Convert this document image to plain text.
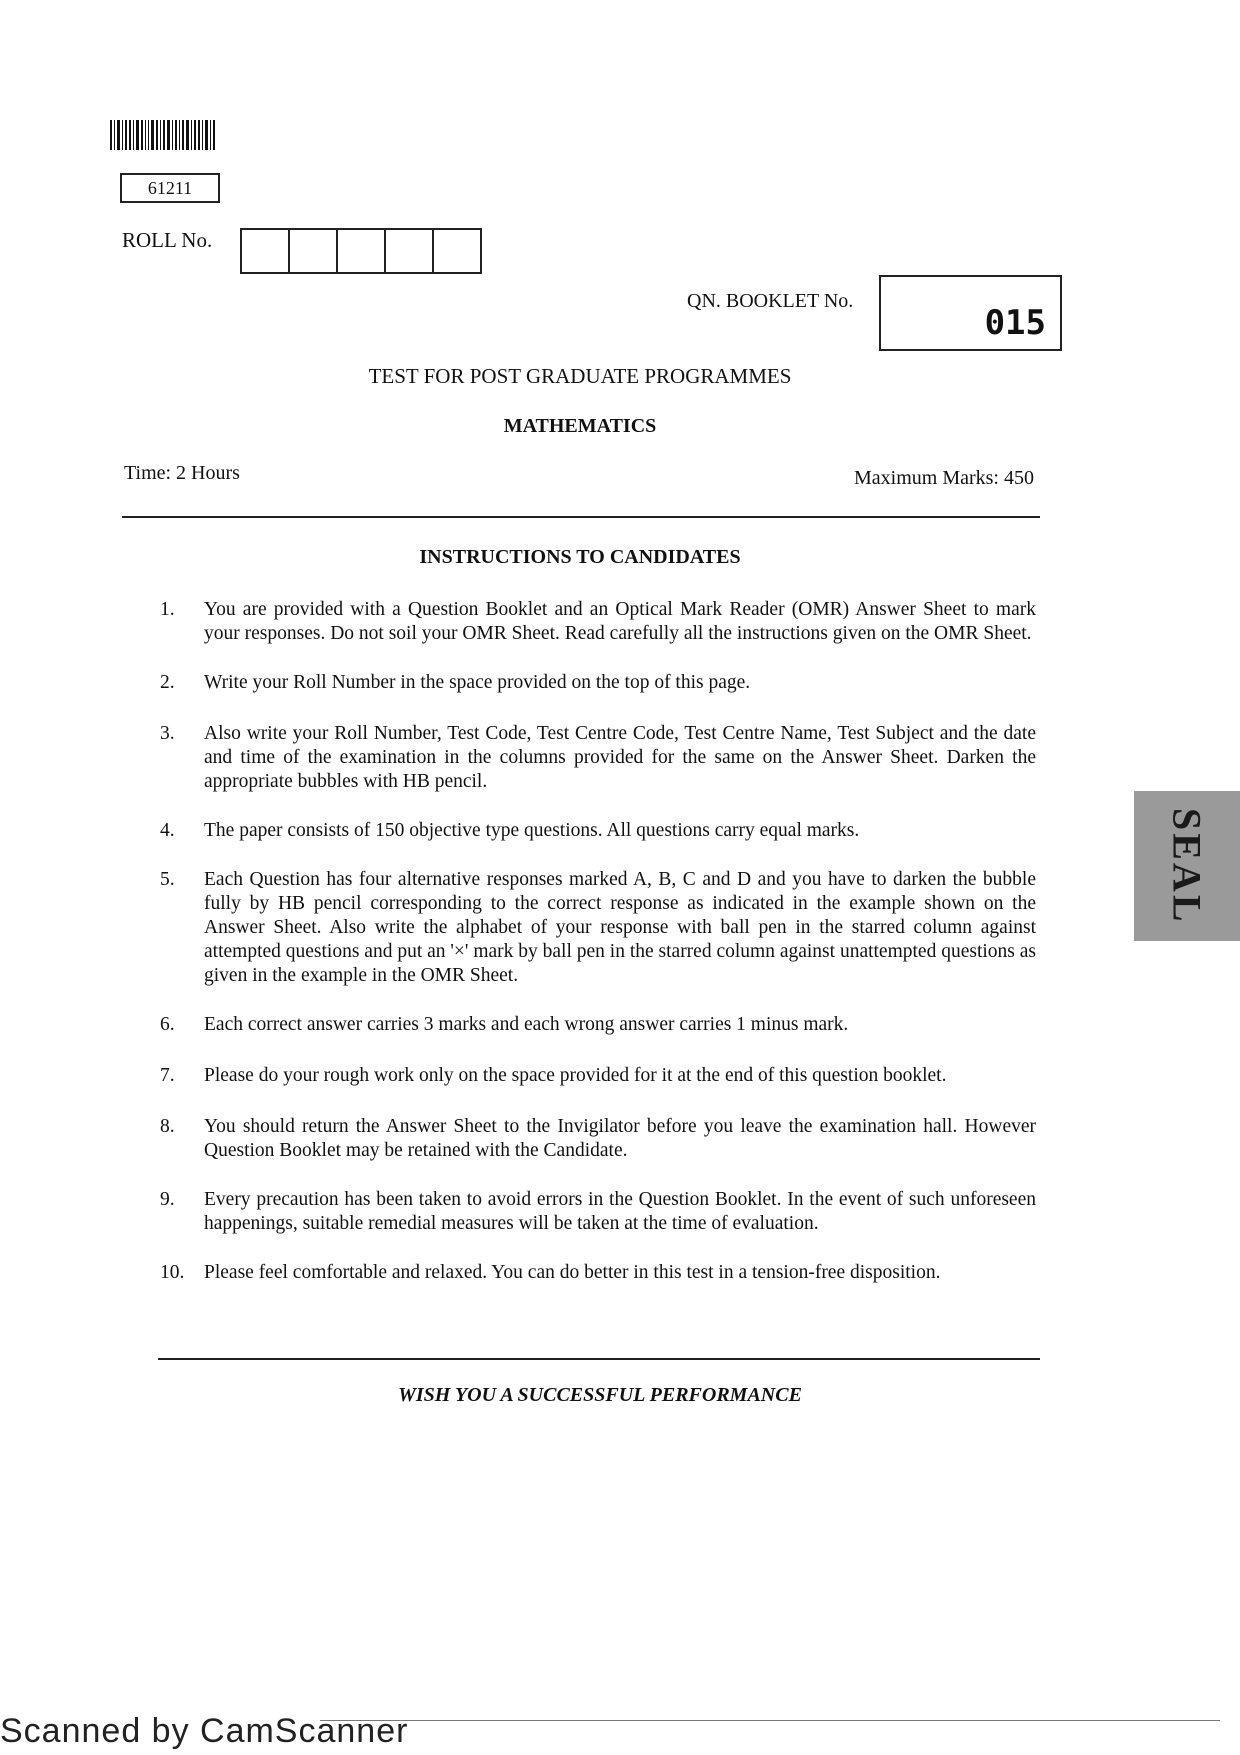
61211
ROLL No.
QN. BOOKLET No.
015
TEST FOR POST GRADUATE PROGRAMMES
MATHEMATICS
Time: 2 Hours	Maximum Marks: 450
INSTRUCTIONS TO CANDIDATES
1.	You are provided with a Question Booklet and an Optical Mark Reader (OMR) Answer Sheet to mark your responses. Do not soil your OMR Sheet. Read carefully all the instructions given on the OMR Sheet.
2.	Write your Roll Number in the space provided on the top of this page.
3.	Also write your Roll Number, Test Code, Test Centre Code, Test Centre Name, Test Subject and the date and time of the examination in the columns provided for the same on the Answer Sheet. Darken the appropriate bubbles with HB pencil.
4.	The paper consists of 150 objective type questions. All questions carry equal marks.
5.	Each Question has four alternative responses marked A, B, C and D and you have to darken the bubble fully by HB pencil corresponding to the correct response as indicated in the example shown on the Answer Sheet. Also write the alphabet of your response with ball pen in the starred column against attempted questions and put an '×' mark by ball pen in the starred column against unattempted questions as given in the example in the OMR Sheet.
6.	Each correct answer carries 3 marks and each wrong answer carries 1 minus mark.
7.	Please do your rough work only on the space provided for it at the end of this question booklet.
8.	You should return the Answer Sheet to the Invigilator before you leave the examination hall. However Question Booklet may be retained with the Candidate.
9.	Every precaution has been taken to avoid errors in the Question Booklet. In the event of such unforeseen happenings, suitable remedial measures will be taken at the time of evaluation.
10.	Please feel comfortable and relaxed. You can do better in this test in a tension-free disposition.
WISH YOU A SUCCESSFUL PERFORMANCE
SEAL
Scanned by CamScanner
